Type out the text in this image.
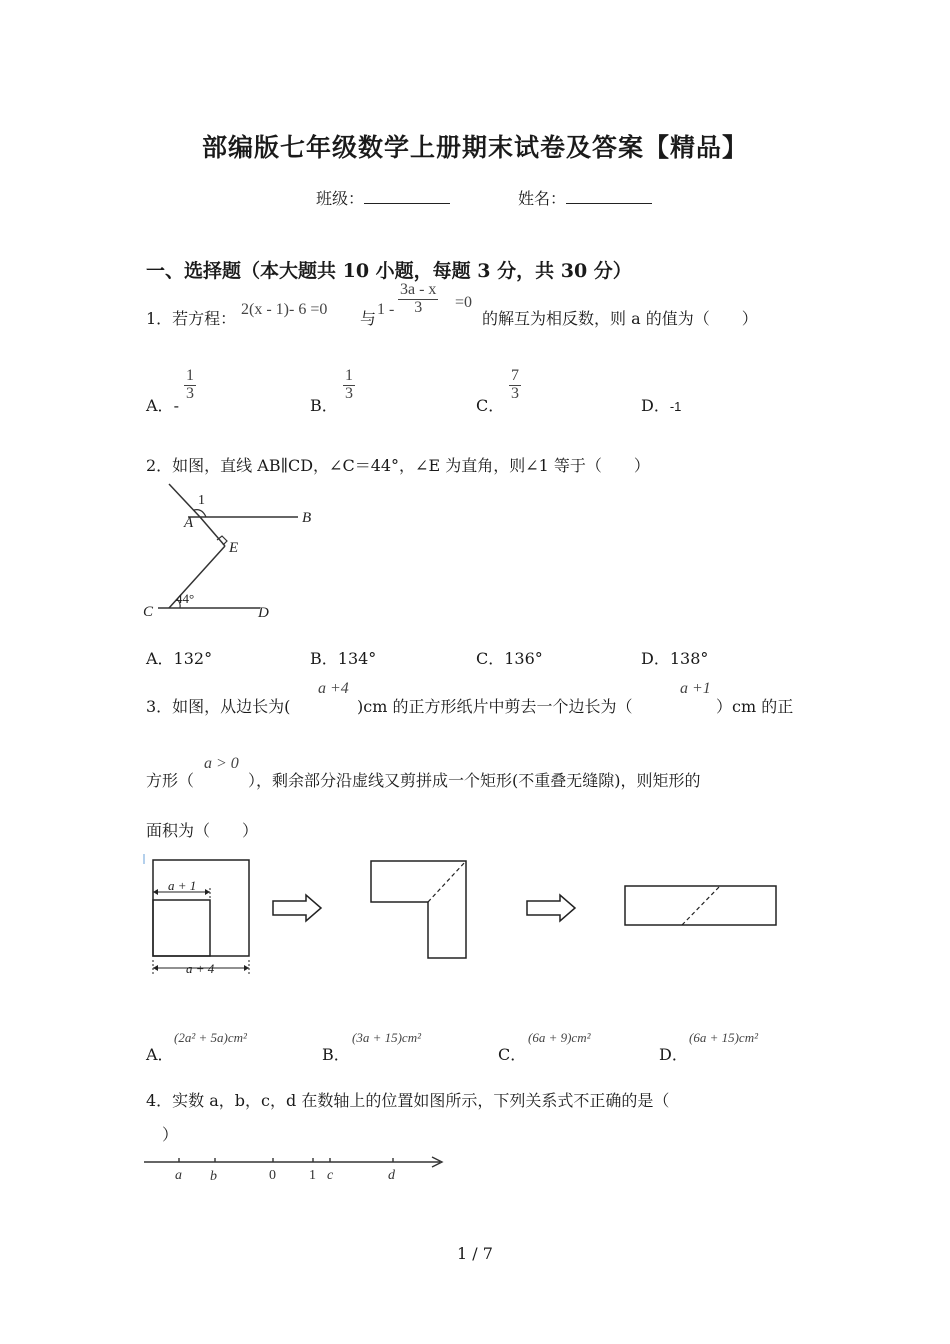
部编版七年级数学上册期末试卷及答案【精品】
班级：	姓名：
一、选择题（本大题共 10 小题，每题 3 分，共 30 分）
1．若方程： 2(x - 1)- 6 =0 与 $1 - \frac{3a - x}{3} =0$
的解互为相反数，则 a 的值为（　　）
A．-
$\frac{1}{3}$
B．
$\frac{1}{3}$
C．
$\frac{7}{3}$
D．-1
2．如图，直线 AB∥CD，∠C＝44°，∠E 为直角，则∠1 等于（　　）
1
A	B
E
C
44°
D
A．132°	B．134°	C．136°	D．138°
3．如图，从边长为(
a +4
)cm 的正方形纸片中剪去一个边长为（
a +1
）cm 的正
方形（
a > 0
），剩余部分沿虚线又剪拼成一个矩形(不重叠无缝隙)，则矩形的
面积为（　　）
a + 1
a + 4
A．
(2a² + 5a)cm²
B．
(3a + 15)cm²
C．
(6a + 9)cm²
D．
(6a + 15)cm²
4．实数 a，b，c，d 在数轴上的位置如图所示，下列关系式不正确的是（
）
a b	0 1 c	d
1 / 7
